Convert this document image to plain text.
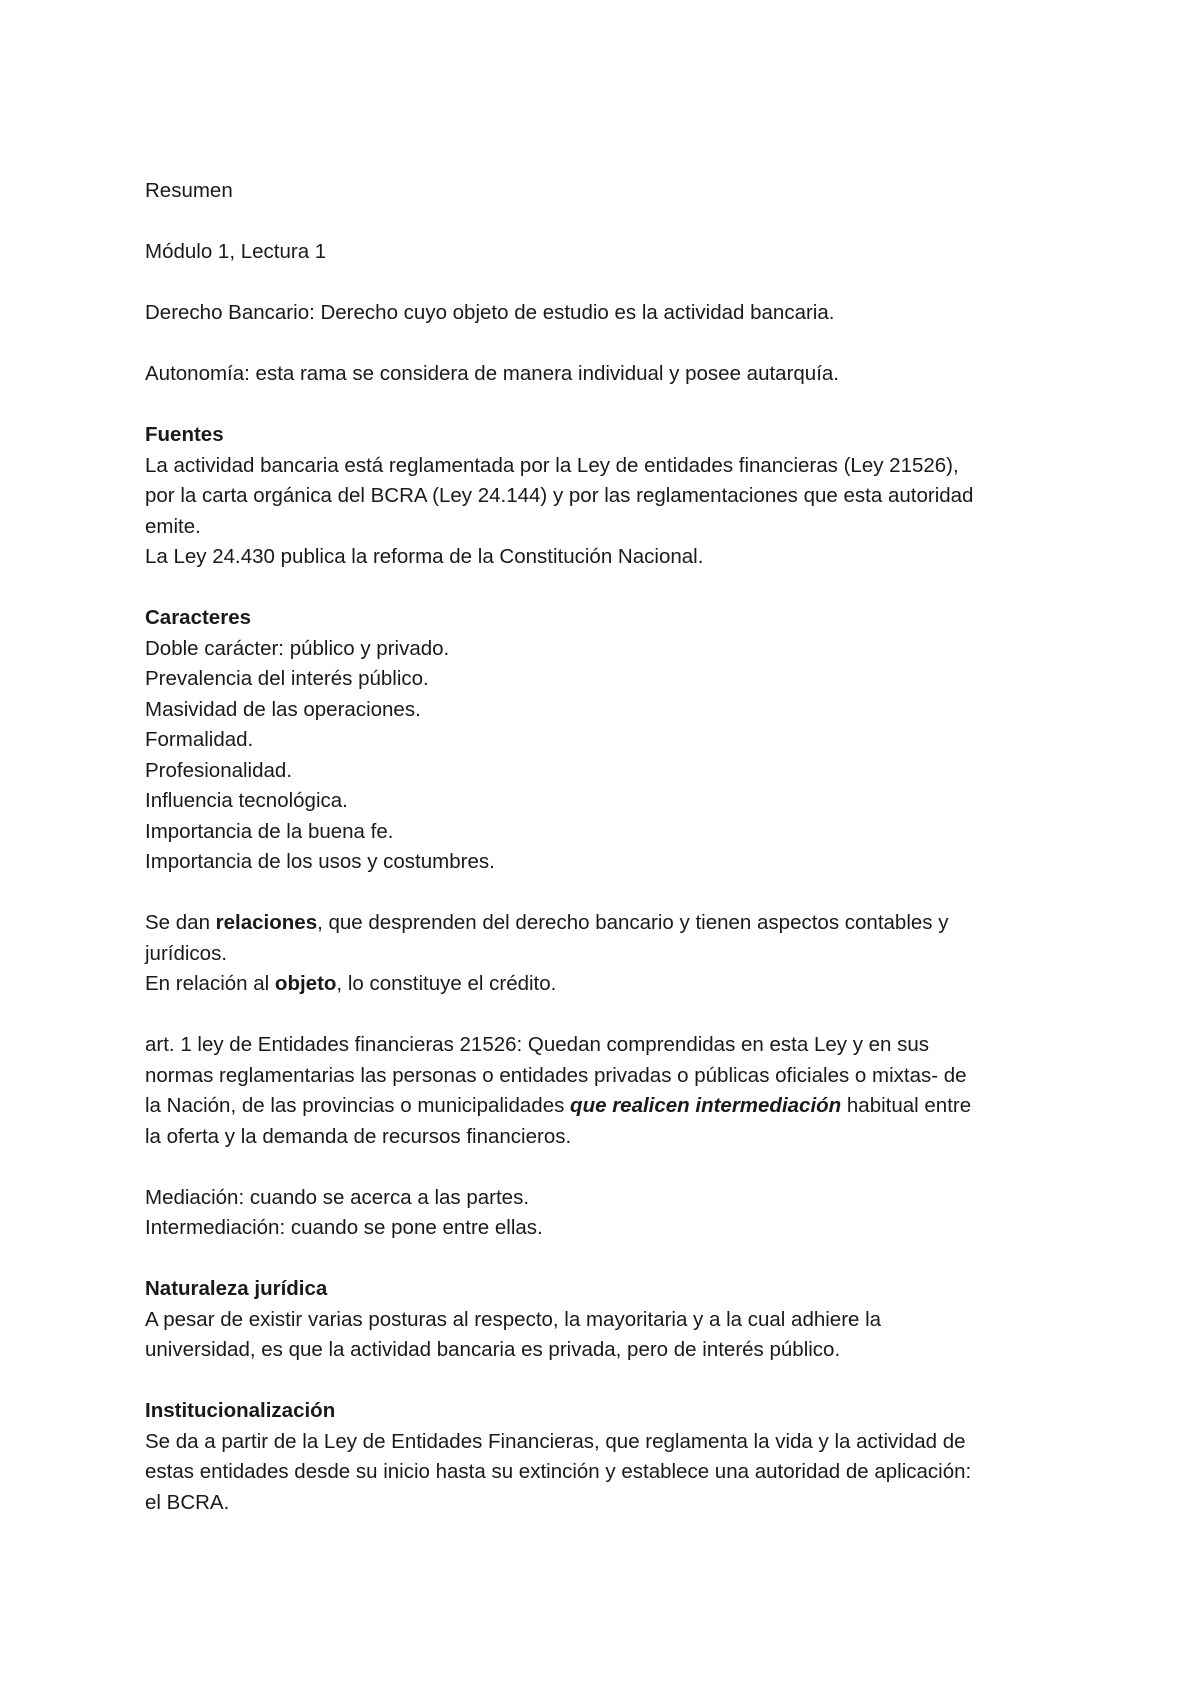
Resumen
Módulo 1, Lectura 1
Derecho Bancario: Derecho cuyo objeto de estudio es la actividad bancaria.
Autonomía: esta rama se considera de manera individual y posee autarquía.
Fuentes
La actividad bancaria está reglamentada por la Ley de entidades financieras (Ley 21526),
por la carta orgánica del BCRA (Ley 24.144) y por las reglamentaciones que esta autoridad
emite.
La Ley 24.430 publica la reforma de la Constitución Nacional.
Caracteres
Doble carácter: público y privado.
Prevalencia del interés público.
Masividad de las operaciones.
Formalidad.
Profesionalidad.
Influencia tecnológica.
Importancia de la buena fe.
Importancia de los usos y costumbres.
Se dan relaciones, que desprenden del derecho bancario y tienen aspectos contables y
jurídicos.
En relación al objeto, lo constituye el crédito.
art. 1 ley de Entidades financieras 21526: Quedan comprendidas en esta Ley y en sus
normas reglamentarias las personas o entidades privadas o públicas oficiales o mixtas- de
la Nación, de las provincias o municipalidades que realicen intermediación habitual entre
la oferta y la demanda de recursos financieros.
Mediación: cuando se acerca a las partes.
Intermediación: cuando se pone entre ellas.
Naturaleza jurídica
A pesar de existir varias posturas al respecto, la mayoritaria y a la cual adhiere la
universidad, es que la actividad bancaria es privada, pero de interés público.
Institucionalización
Se da a partir de la Ley de Entidades Financieras, que reglamenta la vida y la actividad de
estas entidades desde su inicio hasta su extinción y establece una autoridad de aplicación:
el BCRA.
